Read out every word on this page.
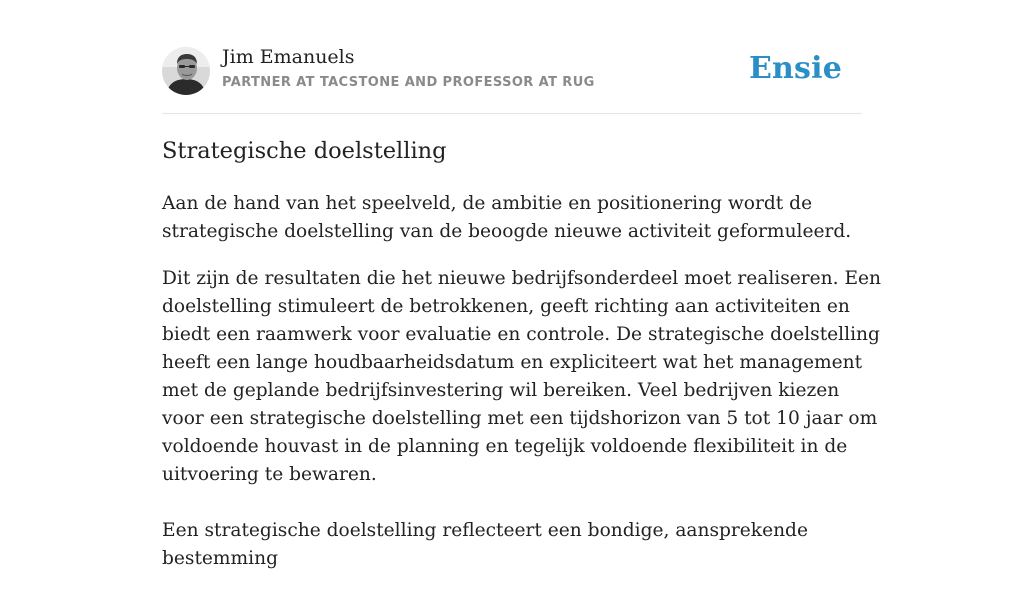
Jim Emanuels
PARTNER AT TACSTONE AND PROFESSOR AT RUG	Ensie
Strategische doelstelling

Aan de hand van het speelveld, de ambitie en positionering wordt de strategische doelstelling van de beoogde nieuwe activiteit geformuleerd.

Dit zijn de resultaten die het nieuwe bedrijfsonderdeel moet realiseren. Een doelstelling stimuleert de betrokkenen, geeft richting aan activiteiten en biedt een raamwerk voor evaluatie en controle. De strategische doelstelling heeft een lange houdbaarheidsdatum en expliciteert wat het management met de geplande bedrijfsinvestering wil bereiken. Veel bedrijven kiezen voor een strategische doelstelling met een tijdshorizon van 5 tot 10 jaar om voldoende houvast in de planning en tegelijk voldoende flexibiliteit in de uitvoering te bewaren.

Een strategische doelstelling reflecteert een bondige, aansprekende bestemming
